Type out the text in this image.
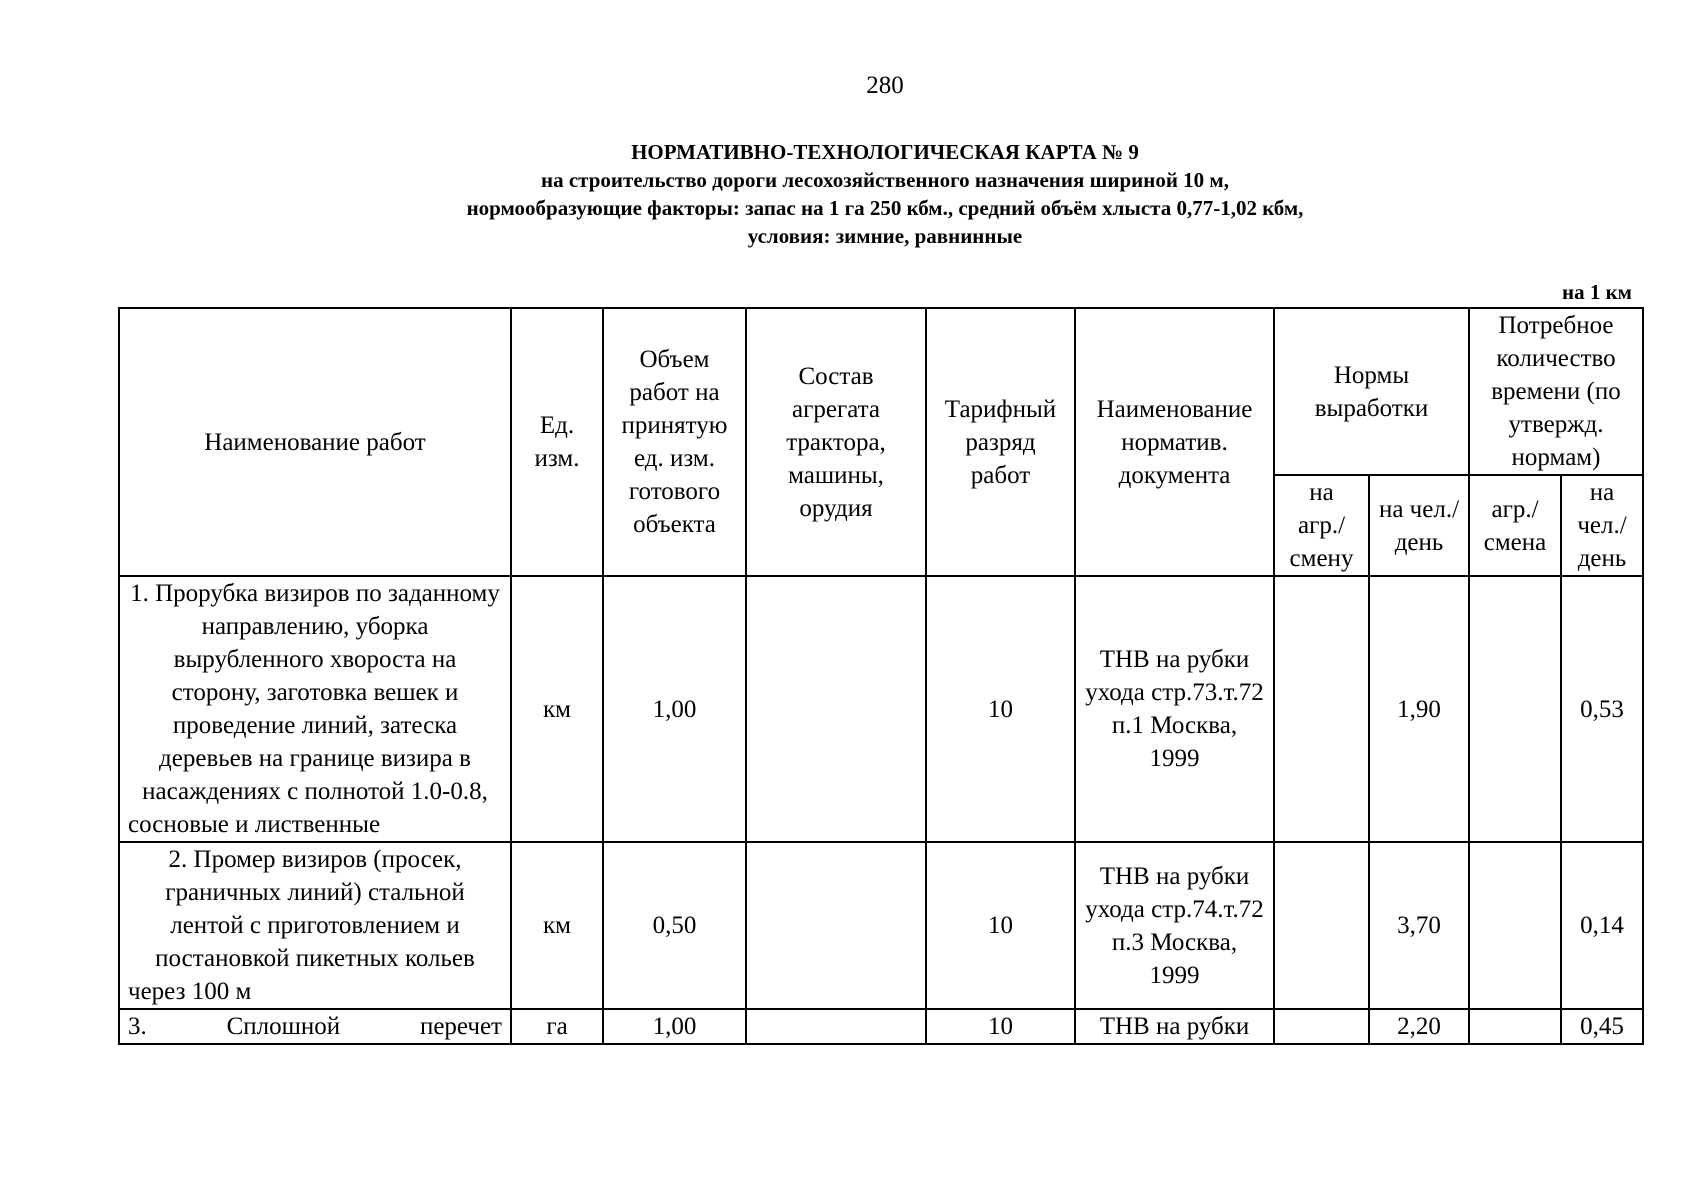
280
НОРМАТИВНО-ТЕХНОЛОГИЧЕСКАЯ КАРТА № 9
на строительство дороги лесохозяйственного назначения шириной 10 м,
нормообразующие факторы: запас на 1 га 250 кбм., средний объём хлыста 0,77-1,02 кбм,
условия: зимние, равнинные
на 1 км
Наименование работ	Ед. изм.	Объем работ на принятую ед. изм. готового объекта	Состав агрегата трактора, машины, орудия	Тарифный разряд работ	Наименование норматив. документа	Нормы выработки		Потребное количество времени (по утвержд. нормам)	
						на агр./ смену	на чел./ день	агр./ смена	на чел./ день
1. Прорубка визиров по заданному направлению, уборка вырубленного хвороста на сторону, заготовка вешек и проведение линий, затеска деревьев на границе визира в насаждениях с полнотой 1.0-0.8, сосновые и лиственные	км	1,00		10	ТНВ на рубки ухода стр.73.т.72 п.1 Москва, 1999		1,90		0,53
2. Промер визиров (просек, граничных линий) стальной лентой с приготовлением и постановкой пикетных кольев через 100 м	км	0,50		10	ТНВ на рубки ухода стр.74.т.72 п.3 Москва, 1999		3,70		0,14
3. Сплошной перечет	га	1,00		10	ТНВ на рубки		2,20		0,45
